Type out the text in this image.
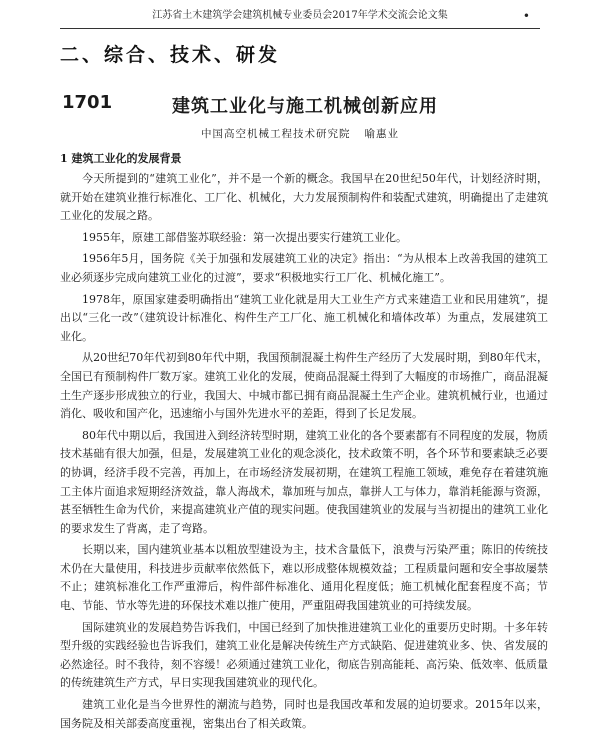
江苏省土木建筑学会建筑机械专业委员会2017年学术交流会论文集	•
二、综合、技术、研发
1701	建筑工业化与施工机械创新应用
中国高空机械工程技术研究院 喻惠业
1 建筑工业化的发展背景

今天所提到的“建筑工业化”，并不是一个新的概念。我国早在20世纪50年代，计划经济时期，就开始在建筑业推行标准化、工厂化、机械化，大力发展预制构件和装配式建筑，明确提出了走建筑工业化的发展之路。

1955年，原建工部借鉴苏联经验：第一次提出要实行建筑工业化。

1956年5月，国务院《关于加强和发展建筑工业的决定》指出：“为从根本上改善我国的建筑工业必须逐步完成向建筑工业化的过渡”，要求“积极地实行工厂化、机械化施工”。

1978年，原国家建委明确指出“建筑工业化就是用大工业生产方式来建造工业和民用建筑”，提出以“三化一改”（建筑设计标准化、构件生产工厂化、施工机械化和墙体改革）为重点，发展建筑工业化。

从20世纪70年代初到80年代中期，我国预制混凝土构件生产经历了大发展时期，到80年代末，全国已有预制构件厂数万家。建筑工业化的发展，使商品混凝土得到了大幅度的市场推广，商品混凝土生产逐步形成独立的行业，我国大、中城市都已拥有商品混凝土生产企业。建筑机械行业，也通过消化、吸收和国产化，迅速缩小与国外先进水平的差距，得到了长足发展。

80年代中期以后，我国进入到经济转型时期，建筑工业化的各个要素都有不同程度的发展，物质技术基础有很大加强，但是，发展建筑工业化的观念淡化，技术政策不明，各个环节和要素缺乏必要的协调，经济手段不完善，再加上，在市场经济发展初期，在建筑工程施工领域，难免存在着建筑施工主体片面追求短期经济效益，靠人海战术，靠加班与加点，靠拼人工与体力，靠消耗能源与资源，甚至牺牲生命为代价，来提高建筑业产值的现实问题。使我国建筑业的发展与当初提出的建筑工业化的要求发生了背离，走了弯路。

长期以来，国内建筑业基本以粗放型建设为主，技术含量低下，浪费与污染严重；陈旧的传统技术仍在大量使用，科技进步贡献率依然低下，难以形成整体规模效益；工程质量问题和安全事故屡禁不止；建筑标准化工作严重滞后，构件部件标准化、通用化程度低；施工机械化配套程度不高；节电、节能、节水等先进的环保技术难以推广使用，严重阻碍我国建筑业的可持续发展。

国际建筑业的发展趋势告诉我们，中国已经到了加快推进建筑工业化的重要历史时期。十多年转型升级的实践经验也告诉我们，建筑工业化是解决传统生产方式缺陷、促进建筑业多、快、省发展的必然途径。时不我待，刻不容缓！必须通过建筑工业化，彻底告别高能耗、高污染、低效率、低质量的传统建筑生产方式，早日实现我国建筑业的现代化。

建筑工业化是当今世界性的潮流与趋势，同时也是我国改革和发展的迫切要求。2015年以来，国务院及相关部委高度重视，密集出台了相关政策。
